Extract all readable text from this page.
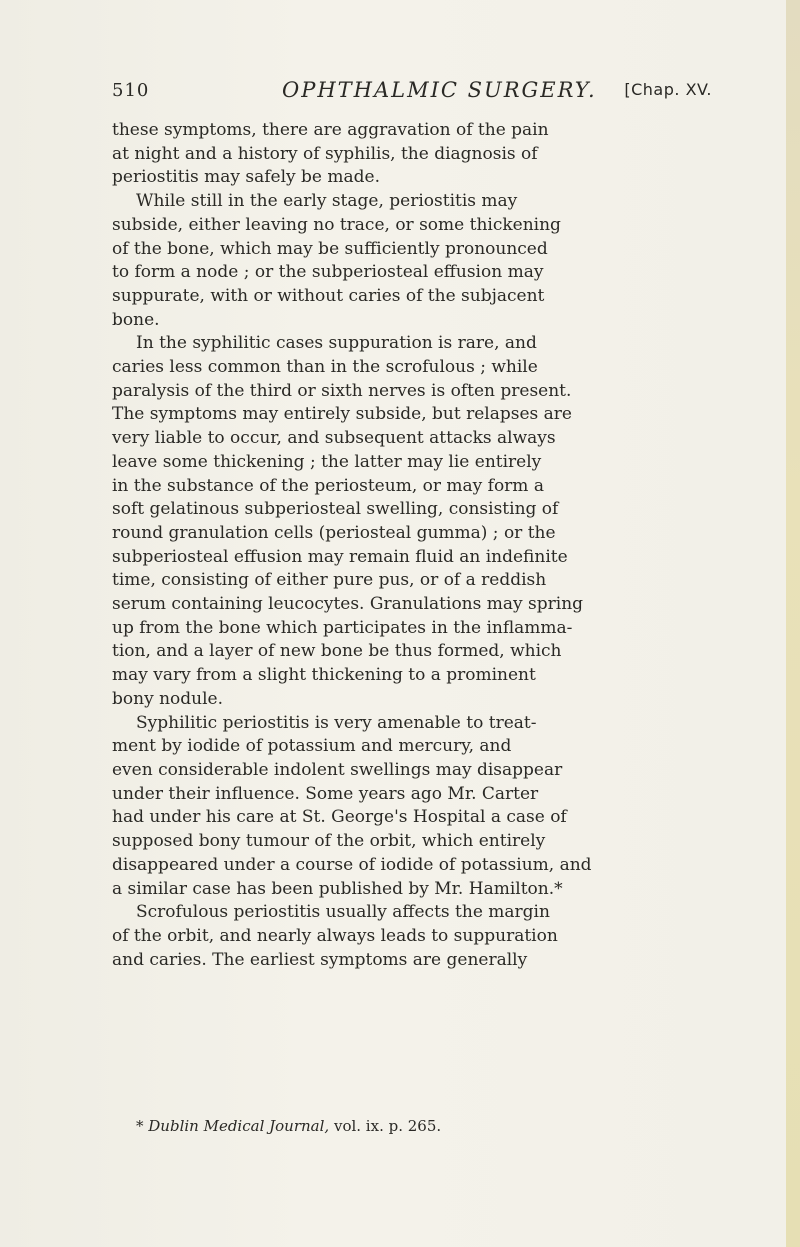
510	OPHTHALMIC SURGERY. [Chap. XV.
these symptoms, there are aggravation of the pain
at night and a history of syphilis, the diagnosis of
periostitis may safely be made.
While still in the early stage, periostitis may
subside, either leaving no trace, or some thickening
of the bone, which may be sufficiently pronounced
to form a node ; or the subperiosteal effusion may
suppurate, with or without caries of the subjacent
bone.
In the syphilitic cases suppuration is rare, and
caries less common than in the scrofulous ; while
paralysis of the third or sixth nerves is often present.
The symptoms may entirely subside, but relapses are
very liable to occur, and subsequent attacks always
leave some thickening ; the latter may lie entirely
in the substance of the periosteum, or may form a
soft gelatinous subperiosteal swelling, consisting of
round granulation cells (periosteal gumma) ; or the
subperiosteal effusion may remain fluid an indefinite
time, consisting of either pure pus, or of a reddish
serum containing leucocytes. Granulations may spring
up from the bone which participates in the inflamma-
tion, and a layer of new bone be thus formed, which
may vary from a slight thickening to a prominent
bony nodule.
Syphilitic periostitis is very amenable to treat-
ment by iodide of potassium and mercury, and
even considerable indolent swellings may disappear
under their influence. Some years ago Mr. Carter
had under his care at St. George's Hospital a case of
supposed bony tumour of the orbit, which entirely
disappeared under a course of iodide of potassium, and
a similar case has been published by Mr. Hamilton.*
Scrofulous periostitis usually affects the margin
of the orbit, and nearly always leads to suppuration
and caries. The earliest symptoms are generally
* Dublin Medical Journal, vol. ix. p. 265.
